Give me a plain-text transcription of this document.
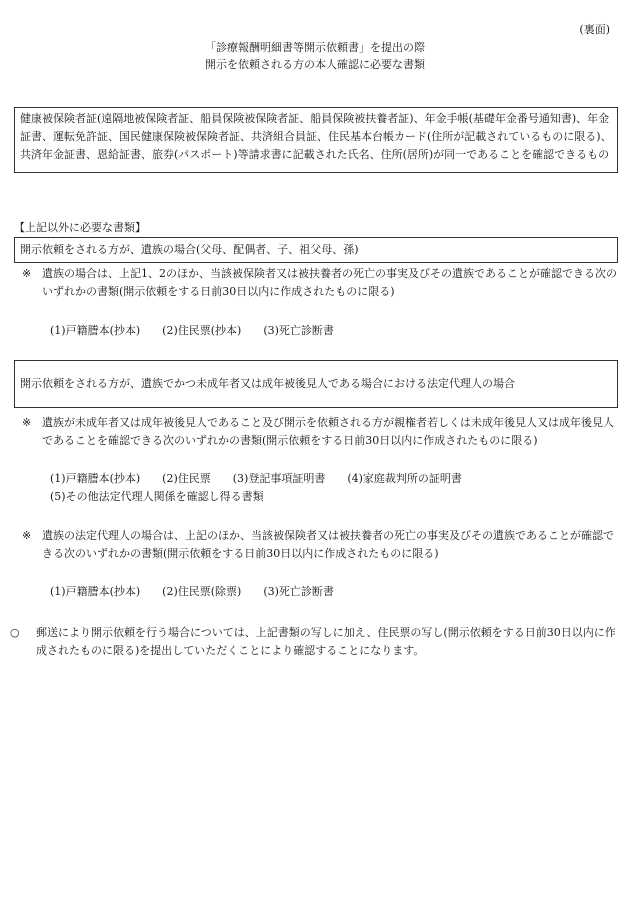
(裏面)
「診療報酬明細書等開示依頼書」を提出の際
開示を依頼される方の本人確認に必要な書類
健康被保険者証(遠隔地被保険者証、船員保険被保険者証、船員保険被扶養者証)、年金手帳(基礎年金番号通知書)、年金証書、運転免許証、国民健康保険被保険者証、共済組合員証、住民基本台帳カード(住所が記載されているものに限る)、共済年金証書、恩給証書、旅券(パスポート)等請求書に記載された氏名、住所(居所)が同一であることを確認できるもの
【上記以外に必要な書類】
開示依頼をされる方が、遺族の場合(父母、配偶者、子、祖父母、孫)
※ 遺族の場合は、上記1、2のほか、当該被保険者又は被扶養者の死亡の事実及びその遺族であることが確認できる次のいずれかの書類(開示依頼をする日前30日以内に作成されたものに限る)
(1)戸籍謄本(抄本)　　(2)住民票(抄本)　　(3)死亡診断書
開示依頼をされる方が、遺族でかつ未成年者又は成年被後見人である場合における法定代理人の場合
※ 遺族が未成年者又は成年被後見人であること及び開示を依頼される方が親権者若しくは未成年後見人又は成年後見人であることを確認できる次のいずれかの書類(開示依頼をする日前30日以内に作成されたものに限る)
(1)戸籍謄本(抄本)　　(2)住民票　　(3)登記事項証明書　　(4)家庭裁判所の証明書
(5)その他法定代理人関係を確認し得る書類
※ 遺族の法定代理人の場合は、上記のほか、当該被保険者又は被扶養者の死亡の事実及びその遺族であることが確認できる次のいずれかの書類(開示依頼をする日前30日以内に作成されたものに限る)
(1)戸籍謄本(抄本)　　(2)住民票(除票)　　(3)死亡診断書
○	郵送により開示依頼を行う場合については、上記書類の写しに加え、住民票の写し(開示依頼をする日前30日以内に作成されたものに限る)を提出していただくことにより確認することになります。
